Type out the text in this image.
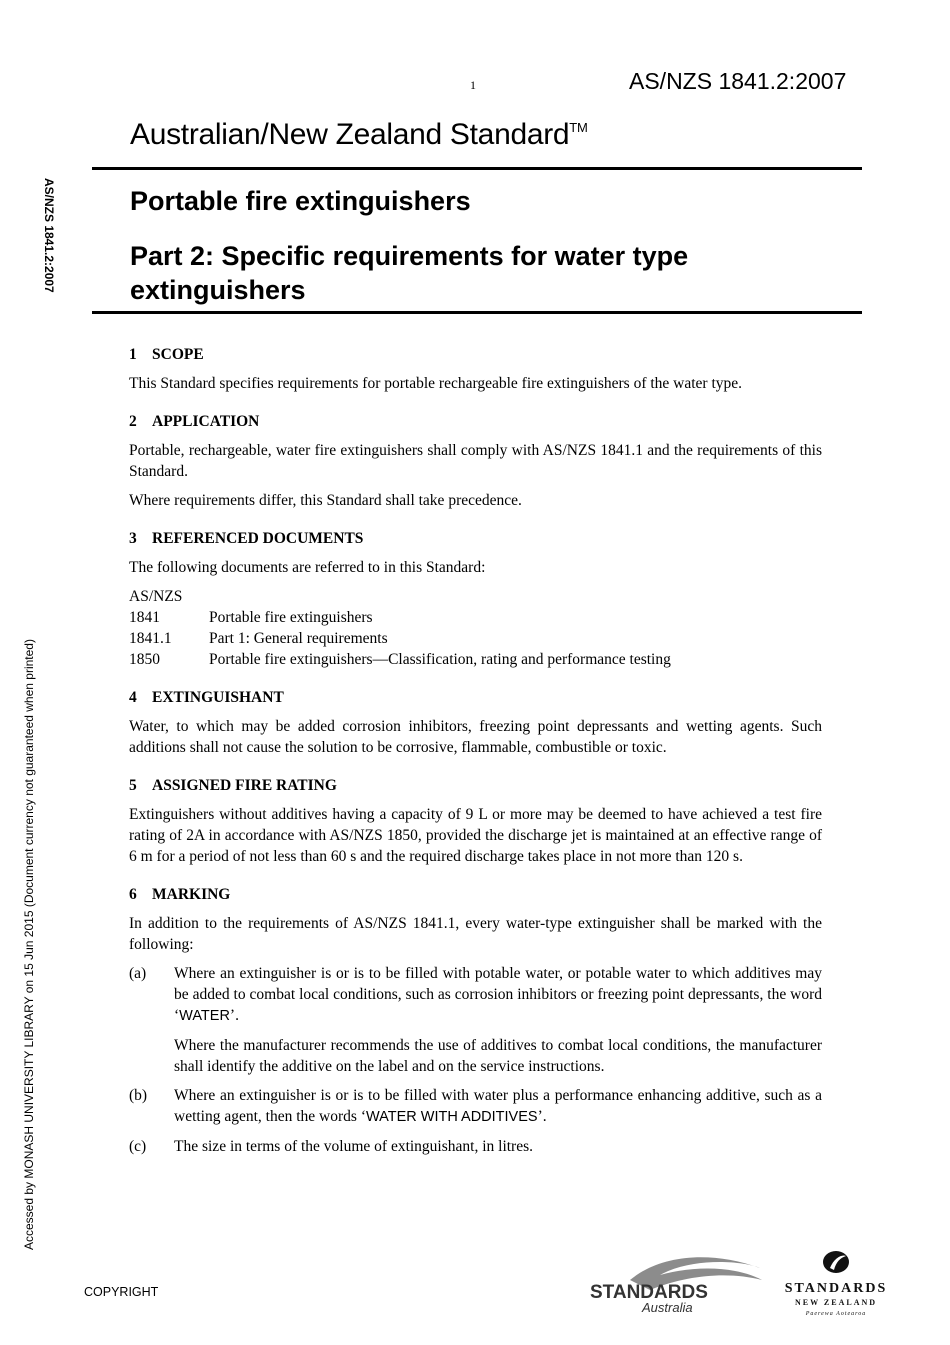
1	AS/NZS 1841.2:2007
Australian/New Zealand Standard™
Portable fire extinguishers
Part 2: Specific requirements for water type extinguishers
AS/NZS 1841.2:2007
Accessed by MONASH UNIVERSITY LIBRARY on 15 Jun 2015 (Document currency not guaranteed when printed)
1 SCOPE
This Standard specifies requirements for portable rechargeable fire extinguishers of the water type.
2 APPLICATION
Portable, rechargeable, water fire extinguishers shall comply with AS/NZS 1841.1 and the requirements of this Standard.
Where requirements differ, this Standard shall take precedence.
3 REFERENCED DOCUMENTS
The following documents are referred to in this Standard:
AS/NZS
1841	Portable fire extinguishers
1841.1	Part 1: General requirements
1850	Portable fire extinguishers—Classification, rating and performance testing
4 EXTINGUISHANT
Water, to which may be added corrosion inhibitors, freezing point depressants and wetting agents. Such additions shall not cause the solution to be corrosive, flammable, combustible or toxic.
5 ASSIGNED FIRE RATING
Extinguishers without additives having a capacity of 9 L or more may be deemed to have achieved a test fire rating of 2A in accordance with AS/NZS 1850, provided the discharge jet is maintained at an effective range of 6 m for a period of not less than 60 s and the required discharge takes place in not more than 120 s.
6 MARKING
In addition to the requirements of AS/NZS 1841.1, every water-type extinguisher shall be marked with the following:
(a)	Where an extinguisher is or is to be filled with potable water, or potable water to which additives may be added to combat local conditions, such as corrosion inhibitors or freezing point depressants, the word ‘WATER’.
Where the manufacturer recommends the use of additives to combat local conditions, the manufacturer shall identify the additive on the label and on the service instructions.
(b)	Where an extinguisher is or is to be filled with water plus a performance enhancing additive, such as a wetting agent, then the words ‘WATER WITH ADDITIVES’.
(c)	The size in terms of the volume of extinguishant, in litres.
COPYRIGHT	STANDARDS
Australia
STANDARDS
NEW ZEALAND
Paerewa Aotearoa
